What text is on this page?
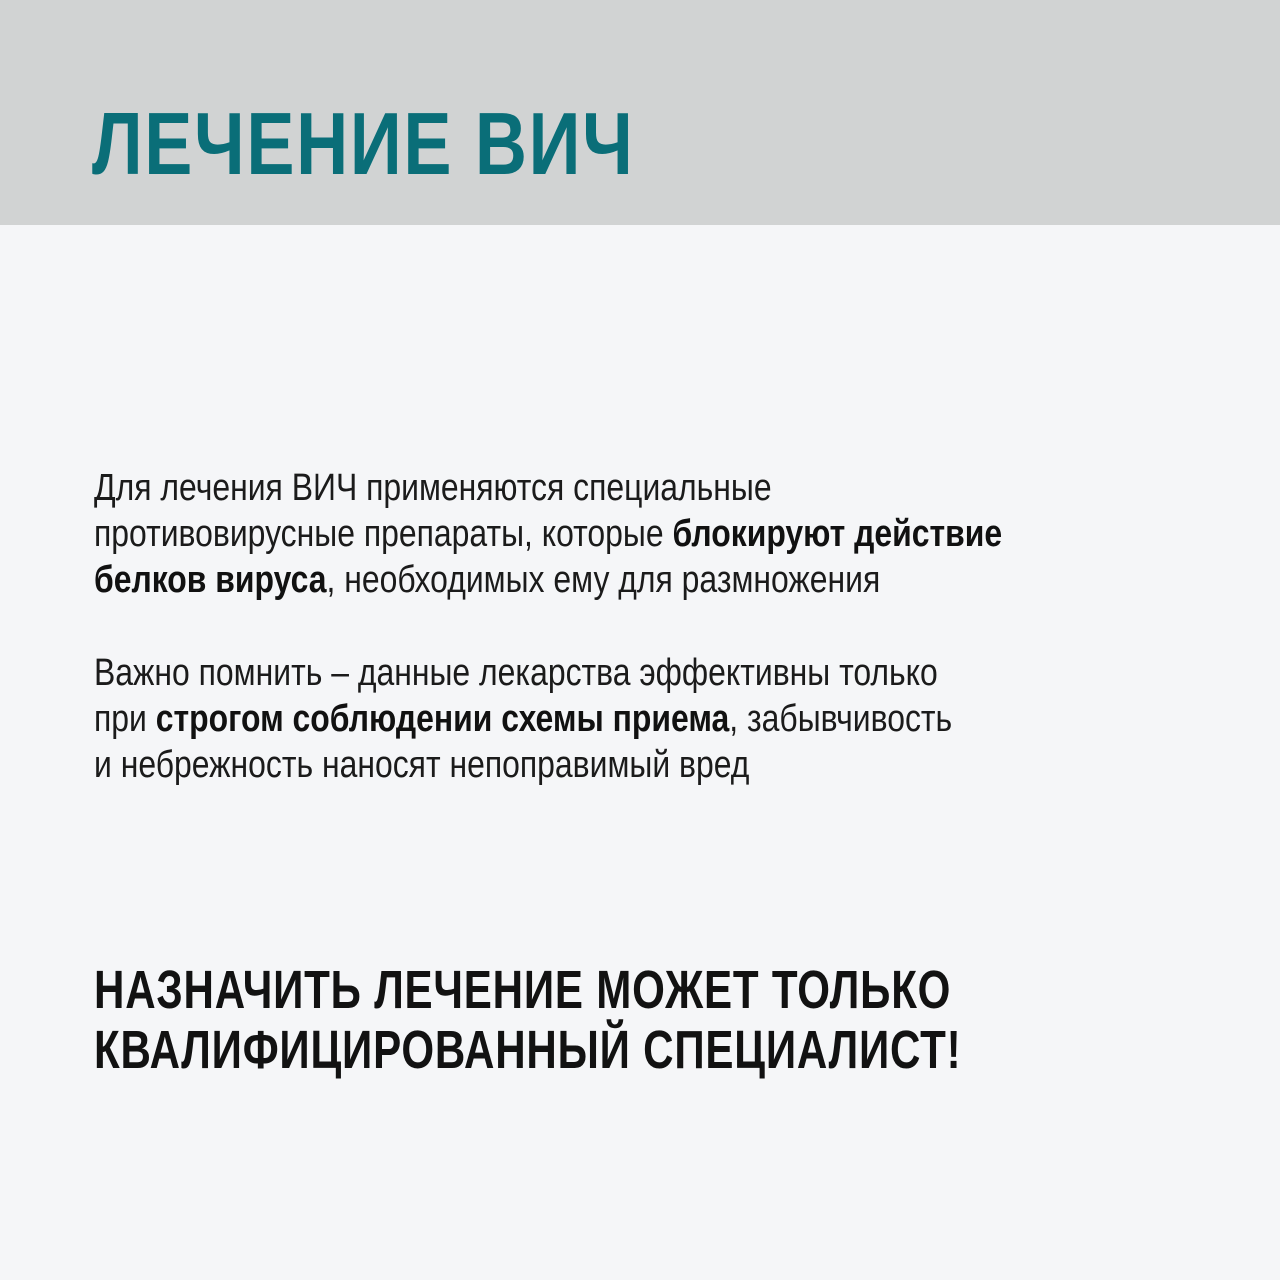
ЛЕЧЕНИЕ ВИЧ
Для лечения ВИЧ применяются специальные
противовирусные препараты, которые блокируют действие
белков вируса, необходимых ему для размножения
Важно помнить – данные лекарства эффективны только
при строгом соблюдении схемы приема, забывчивость
и небрежность наносят непоправимый вред
НАЗНАЧИТЬ ЛЕЧЕНИЕ МОЖЕТ ТОЛЬКО
КВАЛИФИЦИРОВАННЫЙ СПЕЦИАЛИСТ!
